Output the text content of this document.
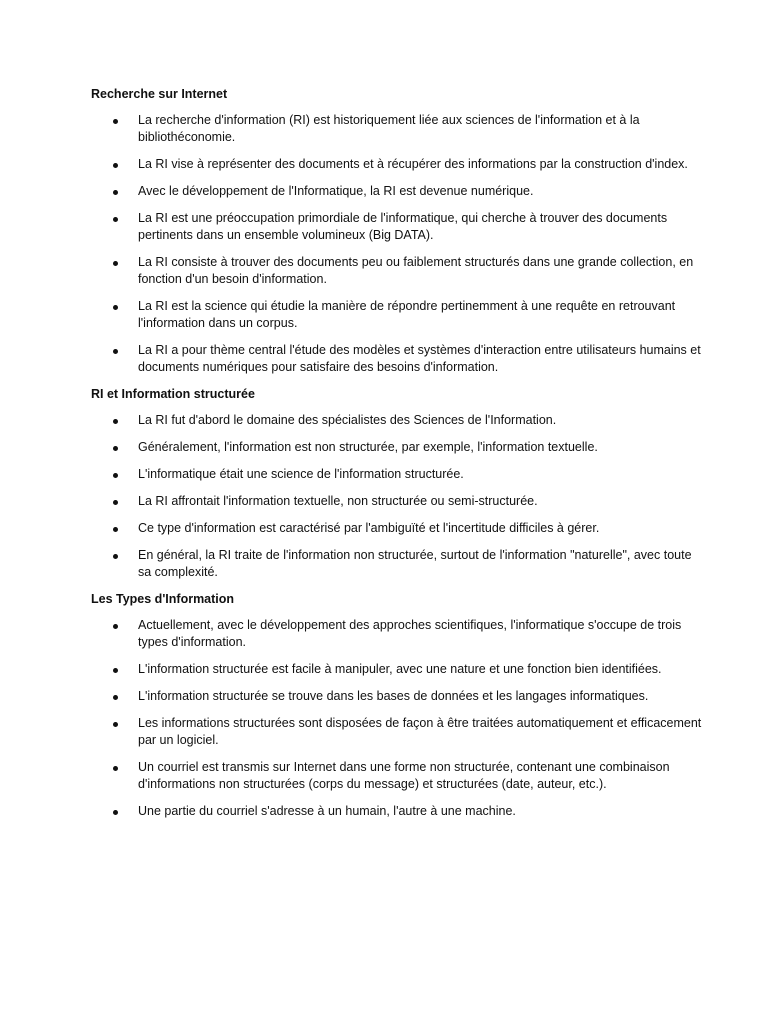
Recherche sur Internet
La recherche d'information (RI) est historiquement liée aux sciences de l'information et à la bibliothéconomie.
La RI vise à représenter des documents et à récupérer des informations par la construction d'index.
Avec le développement de l'Informatique, la RI est devenue numérique.
La RI est une préoccupation primordiale de l'informatique, qui cherche à trouver des documents pertinents dans un ensemble volumineux (Big DATA).
La RI consiste à trouver des documents peu ou faiblement structurés dans une grande collection, en fonction d'un besoin d'information.
La RI est la science qui étudie la manière de répondre pertinemment à une requête en retrouvant l'information dans un corpus.
La RI a pour thème central l'étude des modèles et systèmes d'interaction entre utilisateurs humains et documents numériques pour satisfaire des besoins d'information.
RI et Information structurée
La RI fut d'abord le domaine des spécialistes des Sciences de l'Information.
Généralement, l'information est non structurée, par exemple, l'information textuelle.
L'informatique était une science de l'information structurée.
La RI affrontait l'information textuelle, non structurée ou semi-structurée.
Ce type d'information est caractérisé par l'ambiguïté et l'incertitude difficiles à gérer.
En général, la RI traite de l'information non structurée, surtout de l'information "naturelle", avec toute sa complexité.
Les Types d'Information
Actuellement, avec le développement des approches scientifiques, l'informatique s'occupe de trois types d'information.
L'information structurée est facile à manipuler, avec une nature et une fonction bien identifiées.
L'information structurée se trouve dans les bases de données et les langages informatiques.
Les informations structurées sont disposées de façon à être traitées automatiquement et efficacement par un logiciel.
Un courriel est transmis sur Internet dans une forme non structurée, contenant une combinaison d'informations non structurées (corps du message) et structurées (date, auteur, etc.).
Une partie du courriel s'adresse à un humain, l'autre à une machine.
